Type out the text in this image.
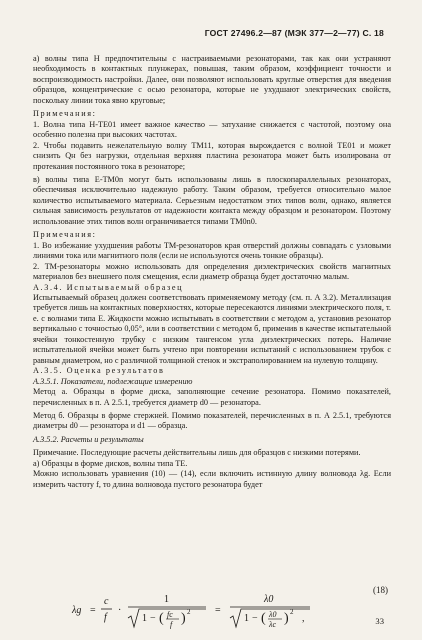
ГОСТ 27496.2—87 (МЭК 377—2—77) С. 18

а) волны типа Н предпочтительны с настраиваемыми резонаторами, так как они устраняют необходимость в контактных плунжерах, повышая, таким образом, коэффициент точности и воспроизводимость настройки. Далее, они позволяют использовать круглые отверстия для введения образцов, концентрические с осью резонатора, которые не ухудшают электрических свойств, поскольку линии тока явно круговые;

Примечания:

1. Волна типа Н-ТЕ01 имеет важное качество — затухание снижается с частотой, поэтому она особенно полезна при высоких частотах.

2. Чтобы подавить нежелательную волну ТМ11, которая вырождается с волной ТЕ01 и может снизить Qн без нагрузки, отдельная верхняя пластина резонатора может быть изолирована от протекания постоянного тока в резонаторе;

в) волны типа Е-ТМ0n могут быть использованы лишь в плоскопараллельных резонаторах, обеспечивая исключительно надежную работу. Таким образом, требуется относительно малое количество испытываемого материала. Серьезным недостатком этих типов волн, однако, является сильная зависимость результатов от надежности контакта между образцом и резонатором. Поэтому использование этих типов волн ограничивается типами ТМ0n0.

Примечания:

1. Во избежание ухудшения работы ТМ-резонаторов края отверстий должны совпадать с узловыми линиями тока или магнитного поля (если не используются очень тонкие образцы).

2. ТМ-резонаторы можно использовать для определения диэлектрических свойств магнитных материалов без внешнего поля смещения, если диаметр образца будет достаточно малым.

А.3.4. Испытываемый образец

Испытываемый образец должен соответствовать применяемому методу (см. п. А 3.2). Металлизация требуется лишь на контактных поверхностях, которые пересекаются линиями электрического поля, т. е. с волнами типа Е. Жидкости можно испытывать в соответствии с методом а, установив резонатор вертикально с точностью 0,05°, или в соответствии с методом б, применив в качестве испытательной ячейки тонкостенную трубку с низким тангенсом угла диэлектрических потерь. Наличие испытательной ячейки может быть учтено при повторении испытаний с использованием трубок с равным диаметром, но с различной толщиной стенок и экстраполированием на нулевую толщину.

А.3.5. Оценка результатов

А.3.5.1. Показатели, подлежащие измерению

Метод а. Образцы в форме диска, заполняющие сечение резонатора. Помимо показателей, перечисленных в п. А 2.5.1, требуется диаметр d0 — резонатора.

Метод б. Образцы в форме стержней. Помимо показателей, перечисленных в п. А 2.5.1, требуются диаметры d0 — резонатора и d1 — образца.

А.3.5.2. Расчеты и результаты

Примечание. Последующие расчеты действительны лишь для образцов с низкими потерями.

а) Образцы в форме дисков, волны типа ТЕ.

Можно использовать уравнения (10) — (14), если включить истинную длину волновода λg. Если измерить частоту f, то длина волновода пустого резонатора будет

λg =
c
f
·
1
1 − ( fc
f ) 2 =
λ0
1 − ( λ0
λc ) 2
,
(18)
33
